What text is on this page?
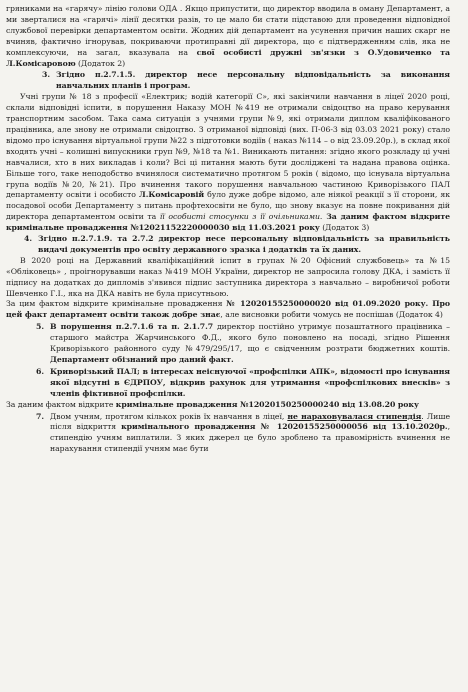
гряниками на «гарячу» лінію голови ОДА . Якщо припустити, що директор вводила в оману Департамент, а ми зверталися на «гарячі» лінії десятки разів, то це мало би стати підставою для проведення відповідної службової перевірки департаментом освіти. Жодних дій департамент на усунення причин наших скарг не вчиняв, фактично ігнорував, покриваючи протиправні дії директора, що є підтвердженням слів, яка не комплексуючи, на загал, вказувала на свої особисті дружні зв'язки з О.Удовиченко та Л.Комісаровою (Додаток 2)

3. Згідно п.2.7.1.5. директор несе персональну відповідальність за виконання навчальних планів і програм.

Учні групи № 18 з професії «Електрик; водій категорії С», які закінчили навчання в ліцеї 2020 році, склали відповідні іспити, в порушення Наказу МОН №419 не отримали свідоцтво на право керування транспортним засобом. Така сама ситуація з учнями групи №9, які отримали диплом кваліфікованого працівника, але знову не отримали свідоцтво. З отриманої відповіді (вих. П-06-3 від 03.03 2021 року) стало відомо про існування віртуальної групи №22 з підготовки водіїв ( наказ №114 – о від 23.09.20р.), в склад якої входять учні – колишні випускники груп №9, №18 та №1. Виникають питання: згідно якого розкладу ці учні навчалися, хто в них викладав і коли? Всі ці питання мають бути досліджені та надана правова оцінка. Більше того, таке неподобство вчинялося систематично протягом 5 років ( відомо, що існувала віртуальна група водіїв №20, №21). Про вчинення такого порушення навчальною частиною Криворізького ПАЛ департаменту освіти і особисто Л.Комісаровій було дуже добре відомо, але ніякої реакції з її сторони, як посадової особи Департаменту з питань профтехосвіти не було, що знову вказує на повне покривання дій директора департаментом освіти та її особисті стосунки з її очільниками. За даним фактом відкрите кримінальне провадження №12021152220000030 від 11.03.2021 року (Додаток 3)

4. Згідно п.2.7.1.9. та 2.7.2 директор несе персональну відповідальність за правильність видачі документів про освіту державного зразка і додатків та їх даних.

В 2020 році на Державний кваліфікаційний іспит в групах №20 Офісний службовець» та №15 «Обліковець» , проігнорувавши наказ №419 МОН України, директор не запросила голову ДКА, і замість її підпису на додатках до дипломів з'явився підпис заступника директора з навчально – виробничої роботи Шевченко Г.І., яка на ДКА навіть не була присутньою.

За цим фактом відкрите кримінальне провадження № 12020155250000020 від 01.09.2020 року. Про цей факт департамент освіти також добре знає, але висновки робити чомусь не поспішав (Додаток 4)

5. В порушення п.2.7.1.6 та п. 2.1.7.7 директор постійно утримує позаштатного працівника – старшого майстра Жарчинського Ф.Д., якого було поновлено на посаді, згідно Рішення Криворізького районного суду №479/295/17, що є свідченням розтрати бюджетних коштів. Департамент обізнаний про даний факт.
6. Криворізький ПАЛ; в інтересах неіснуючої «профспілки АПК», відомості про існування якої відсутні в ЄДРПОУ, відкрив рахунок для утримання «профспілкових внесків» з членів фіктивної профспілки.

За даним фактом відкрите кримінальне провадження №12020150250000240 від 13.08.20 року

7. Двом учням, протягом кількох років їх навчання в ліцеї, не нараховувалася стипендія. Лише після відкриття кримінального провадження № 12020155250000056 від 13.10.2020р., стипендію учням виплатили. З яких джерел це було зроблено та правомірність вчинення не нарахування стипендії учням має бути
